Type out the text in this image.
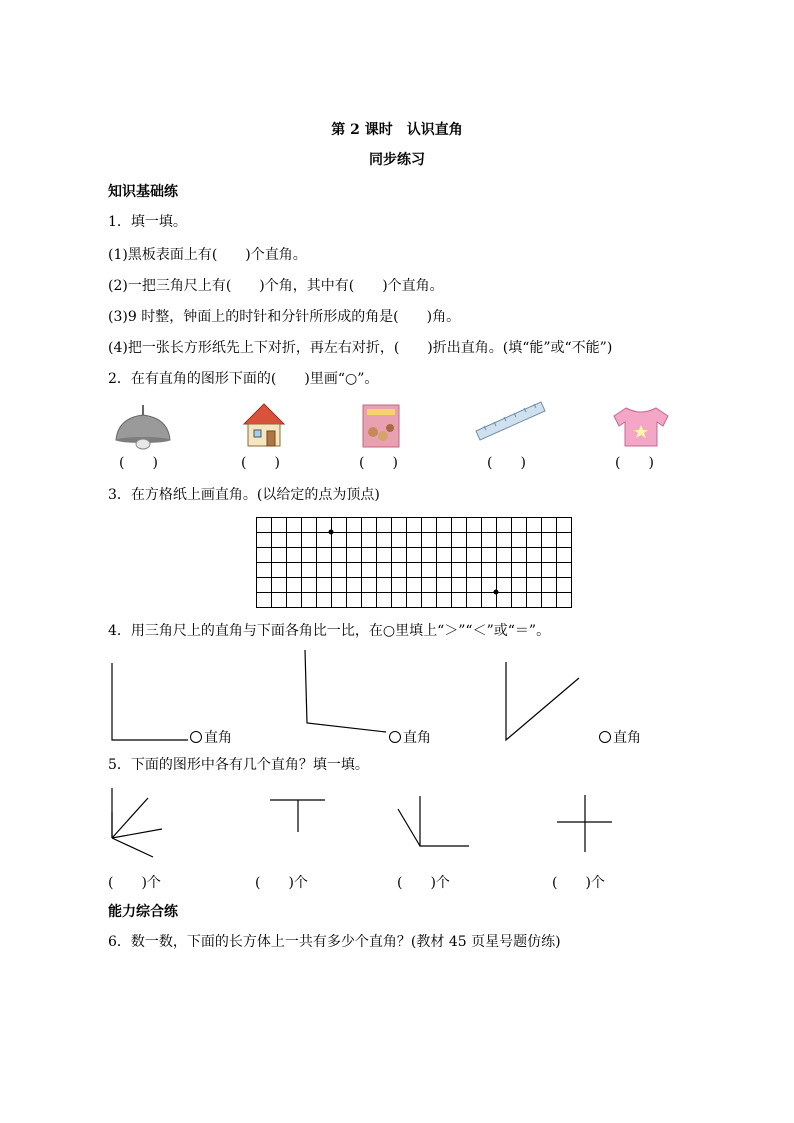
第 2 课时　认识直角
同步练习
知识基础练
1．填一填。
(1)黑板表面上有(　　)个直角。
(2)一把三角尺上有(　　)个角，其中有(　　)个直角。
(3)9 时整，钟面上的时针和分针所形成的角是(　　)角。
(4)把一张长方形纸先上下对折，再左右对折，(　　)折出直角。(填“能”或“不能”)
2．在有直角的图形下面的(　　)里画“○”。
(　　)	(　　)	(　　)	(　　)	(　　)
3．在方格纸上画直角。(以给定的点为顶点)
4．用三角尺上的直角与下面各角比一比，在○里填上“＞”“＜”或“＝”。
直角	直角	直角
5．下面的图形中各有几个直角？填一填。
(　　)个	(　　)个	(　　)个	(　　)个
能力综合练
6．数一数，下面的长方体上一共有多少个直角？(教材 45 页星号题仿练)
